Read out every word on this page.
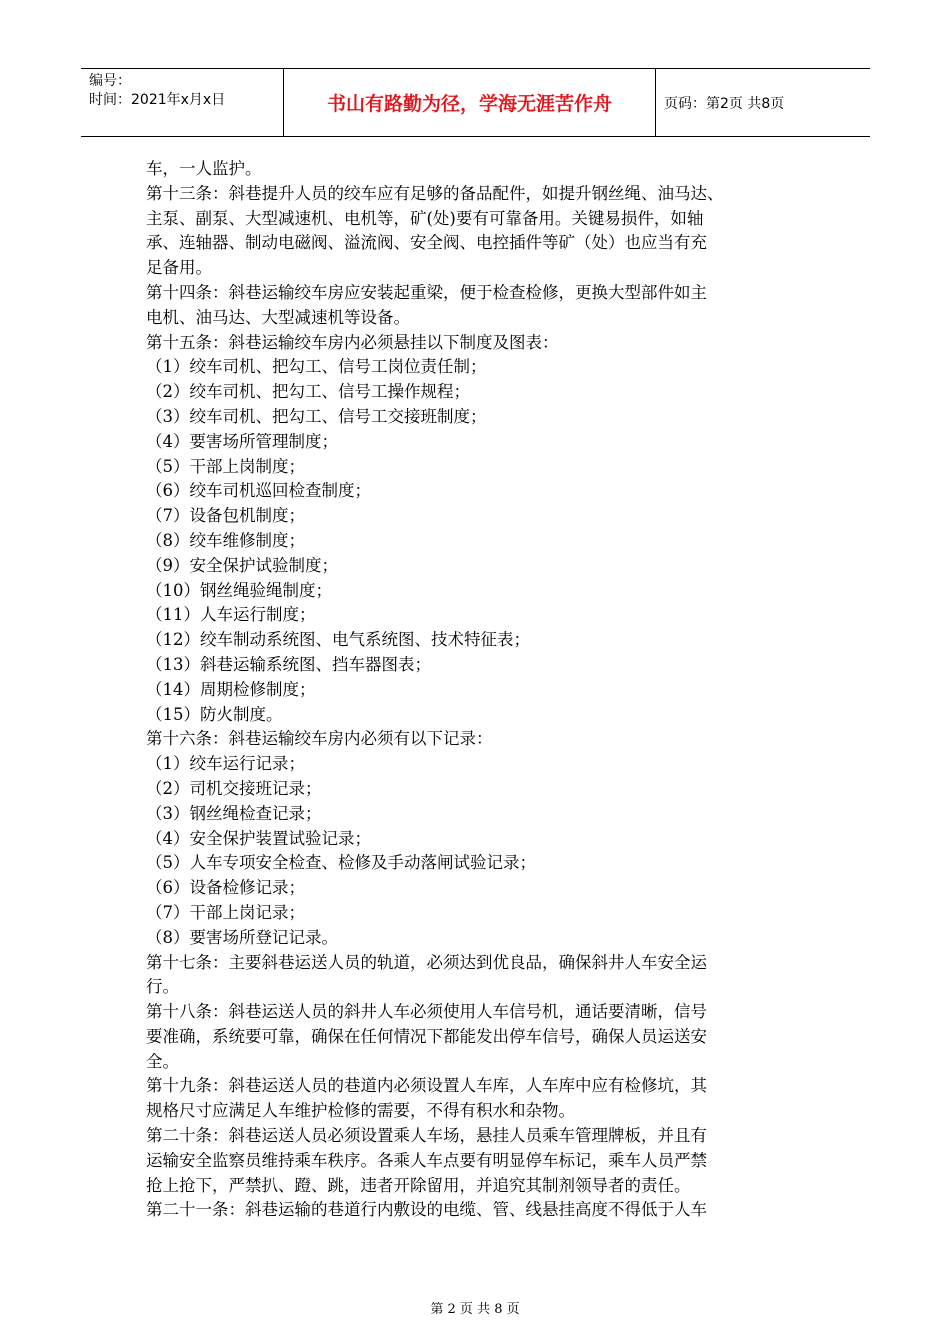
编号：
时间：2021年x月x日	书山有路勤为径，学海无涯苦作舟	页码：第2页 共8页
车，一人监护。
第十三条：斜巷提升人员的绞车应有足够的备品配件，如提升钢丝绳、油马达、
主泵、副泵、大型减速机、电机等，矿(处)要有可靠备用。关键易损件，如轴
承、连轴器、制动电磁阀、溢流阀、安全阀、电控插件等矿（处）也应当有充
足备用。
第十四条：斜巷运输绞车房应安装起重梁，便于检查检修，更换大型部件如主
电机、油马达、大型减速机等设备。
第十五条：斜巷运输绞车房内必须悬挂以下制度及图表：
（1）绞车司机、把勾工、信号工岗位责任制；
（2）绞车司机、把勾工、信号工操作规程；
（3）绞车司机、把勾工、信号工交接班制度；
（4）要害场所管理制度；
（5）干部上岗制度；
（6）绞车司机巡回检查制度；
（7）设备包机制度；
（8）绞车维修制度；
（9）安全保护试验制度；
（10）钢丝绳验绳制度；
（11）人车运行制度；
（12）绞车制动系统图、电气系统图、技术特征表；
（13）斜巷运输系统图、挡车器图表；
（14）周期检修制度；
（15）防火制度。
第十六条：斜巷运输绞车房内必须有以下记录：
（1）绞车运行记录；
（2）司机交接班记录；
（3）钢丝绳检查记录；
（4）安全保护装置试验记录；
（5）人车专项安全检查、检修及手动落闸试验记录；
（6）设备检修记录；
（7）干部上岗记录；
（8）要害场所登记记录。
第十七条：主要斜巷运送人员的轨道，必须达到优良品，确保斜井人车安全运
行。
第十八条：斜巷运送人员的斜井人车必须使用人车信号机，通话要清晰，信号
要准确，系统要可靠，确保在任何情况下都能发出停车信号，确保人员运送安
全。
第十九条：斜巷运送人员的巷道内必须设置人车库，人车库中应有检修坑，其
规格尺寸应满足人车维护检修的需要，不得有积水和杂物。
第二十条：斜巷运送人员必须设置乘人车场，悬挂人员乘车管理牌板，并且有
运输安全监察员维持乘车秩序。各乘人车点要有明显停车标记，乘车人员严禁
抢上抢下，严禁扒、蹬、跳，违者开除留用，并追究其制剂领导者的责任。
第二十一条：斜巷运输的巷道行内敷设的电缆、管、线悬挂高度不得低于人车
第 2 页 共 8 页
